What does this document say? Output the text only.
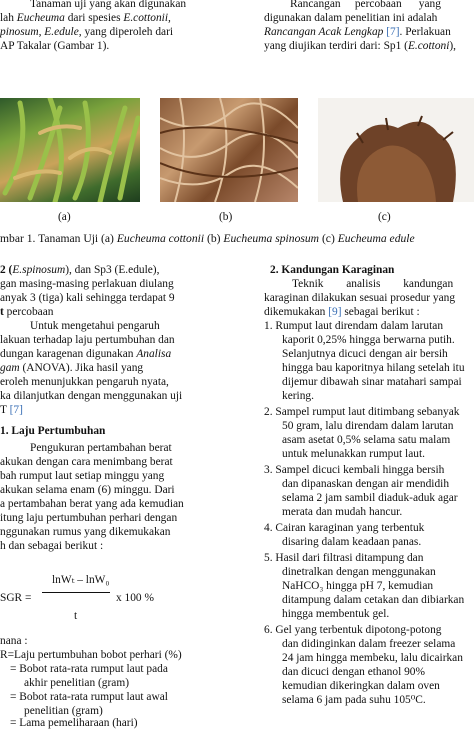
Tanaman uji yang akan digunakan
lah Eucheuma dari spesies E.cottonii,
pinosum, E.edule, yang diperoleh dari
AP Takalar (Gambar 1).
Rancangan percobaan yang
digunakan dalam penelitian ini adalah
Rancangan Acak Lengkap [7]. Perlakuan
yang diujikan terdiri dari: Sp1 (E.cottoni),
(a)	(b)	(c)
mbar 1. Tanaman Uji (a) Eucheuma cottonii (b) Eucheuma spinosum (c) Eucheuma edule
2 (E.spinosum), dan Sp3 (E.edule),
gan masing-masing perlakuan diulang
anyak 3 (tiga) kali sehingga terdapat 9
t percobaan
Untuk mengetahui pengaruh
lakuan terhadap laju pertumbuhan dan
dungan karagenan digunakan Analisa
gam (ANOVA). Jika hasil yang
eroleh menunjukkan pengaruh nyata,
ka dilanjutkan dengan menggunakan uji
T [7]
1. Laju Pertumbuhan
Pengukuran pertambahan berat
akukan dengan cara menimbang berat
bah rumput laut setiap minggu yang
akukan selama enam (6) minggu. Dari
a pertambahan berat yang ada kemudian
itung laju pertumbuhan perhari dengan
nggunakan rumus yang dikemukakan
h dan sebagai berikut :
SGR =
lnWₜ – lnW₀
t
x 100 %
nana :
R=Laju pertumbuhan bobot perhari (%)
= Bobot rata-rata rumput laut pada
akhir penelitian (gram)
= Bobot rata-rata rumput laut awal
penelitian (gram)
= Lama pemeliharaan (hari)
2. Kandungan Karaginan
Teknik analisis kandungan
karaginan dilakukan sesuai prosedur yang
dikemukakan [9] sebagai berikut :
1. Rumput laut direndam dalam larutan
kaporit 0,25% hingga berwarna putih.
Selanjutnya dicuci dengan air bersih
hingga bau kaporitnya hilang setelah itu
dijemur dibawah sinar matahari sampai
kering.
2. Sampel rumput laut ditimbang sebanyak
50 gram, lalu direndam dalam larutan
asam asetat 0,5% selama satu malam
untuk melunakkan rumput laut.
3. Sampel dicuci kembali hingga bersih
dan dipanaskan dengan air mendidih
selama 2 jam sambil diaduk-aduk agar
merata dan mudah hancur.
4. Cairan karaginan yang terbentuk
disaring dalam keadaan panas.
5. Hasil dari filtrasi ditampung dan
dinetralkan dengan menggunakan
NaHCO₃ hingga pH 7, kemudian
ditampung dalam cetakan dan dibiarkan
hingga membentuk gel.
6. Gel yang terbentuk dipotong-potong
dan didinginkan dalam freezer selama
24 jam hingga membeku, lalu dicairkan
dan dicuci dengan ethanol 90%
kemudian dikeringkan dalam oven
selama 6 jam pada suhu 105⁰C.
